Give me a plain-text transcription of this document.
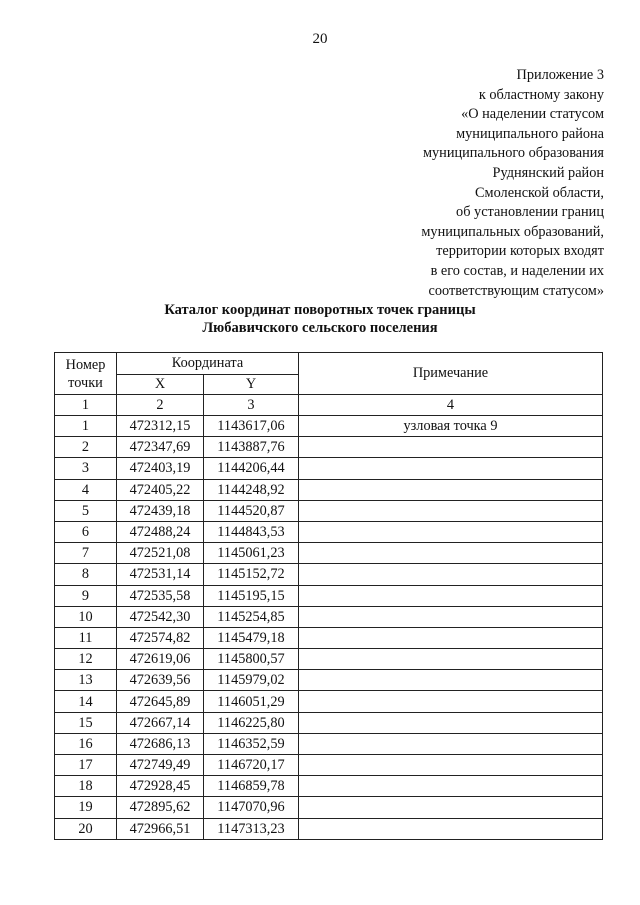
20
Приложение 3
к областному закону
«О наделении статусом
муниципального района
муниципального образования
Руднянский район
Смоленской области,
об установлении границ
муниципальных образований,
территории которых входят
в его состав, и наделении их
соответствующим статусом»
Каталог координат поворотных точек границы
Любавичского сельского поселения
Номер
точки	Координата		Примечание
	X	Y	
1	2	3	4
1	472312,15	1143617,06	узловая точка 9
2	472347,69	1143887,76	
3	472403,19	1144206,44	
4	472405,22	1144248,92	
5	472439,18	1144520,87	
6	472488,24	1144843,53	
7	472521,08	1145061,23	
8	472531,14	1145152,72	
9	472535,58	1145195,15	
10	472542,30	1145254,85	
11	472574,82	1145479,18	
12	472619,06	1145800,57	
13	472639,56	1145979,02	
14	472645,89	1146051,29	
15	472667,14	1146225,80	
16	472686,13	1146352,59	
17	472749,49	1146720,17	
18	472928,45	1146859,78	
19	472895,62	1147070,96	
20	472966,51	1147313,23	
